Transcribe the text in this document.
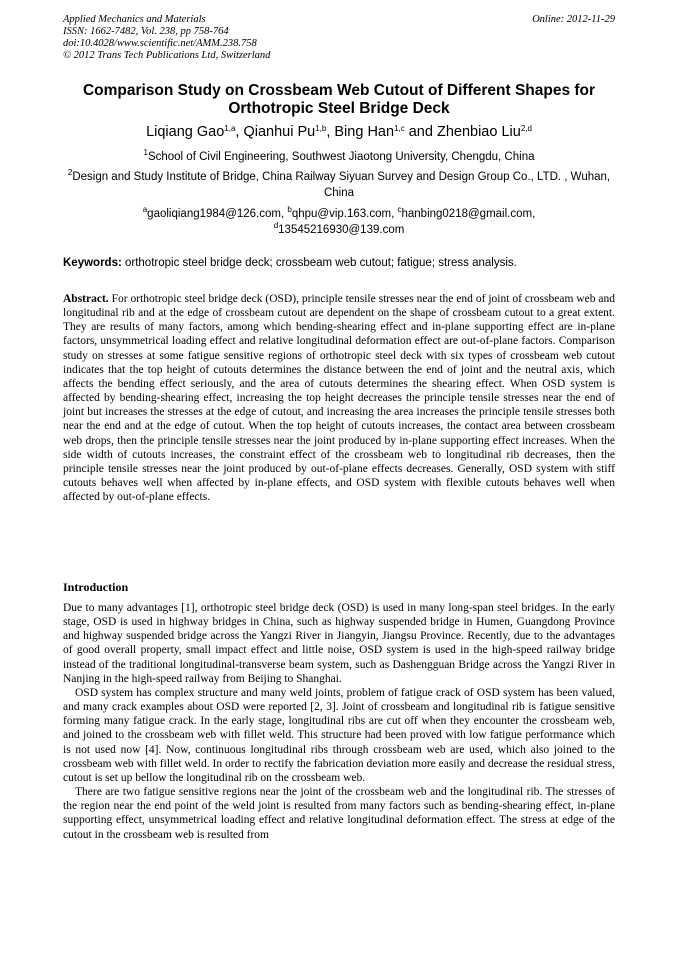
Applied Mechanics and Materials
ISSN: 1662-7482, Vol. 238, pp 758-764
doi:10.4028/www.scientific.net/AMM.238.758
© 2012 Trans Tech Publications Ltd, Switzerland
Online: 2012-11-29
Comparison Study on Crossbeam Web Cutout of Different Shapes for Orthotropic Steel Bridge Deck
Liqiang Gao$^{1,a}$, Qianhui Pu$^{1,b}$, Bing Han$^{1,c}$ and Zhenbiao Liu$^{2,d}$
$^1$School of Civil Engineering, Southwest Jiaotong University, Chengdu, China
$^2$Design and Study Institute of Bridge, China Railway Siyuan Survey and Design Group Co., LTD. , Wuhan, China
$^a$gaoliqiang1984@126.com, $^b$qhpu@vip.163.com, $^c$hanbing0218@gmail.com,
$^d$13545216930@139.com
Keywords: orthotropic steel bridge deck; crossbeam web cutout; fatigue; stress analysis.
Abstract. For orthotropic steel bridge deck (OSD), principle tensile stresses near the end of joint of crossbeam web and longitudinal rib and at the edge of crossbeam cutout are dependent on the shape of crossbeam cutout to a great extent. They are results of many factors, among which bending-shearing effect and in-plane supporting effect are in-plane factors, unsymmetrical loading effect and relative longitudinal deformation effect are out-of-plane factors. Comparison study on stresses at some fatigue sensitive regions of orthotropic steel deck with six types of crossbeam web cutout indicates that the top height of cutouts determines the distance between the end of joint and the neutral axis, which affects the bending effect seriously, and the area of cutouts determines the shearing effect. When OSD system is affected by bending-shearing effect, increasing the top height decreases the principle tensile stresses near the end of joint but increases the stresses at the edge of cutout, and increasing the area increases the principle tensile stresses both near the end and at the edge of cutout. When the top height of cutouts increases, the contact area between crossbeam web drops, then the principle tensile stresses near the joint produced by in-plane supporting effect increases. When the side width of cutouts increases, the constraint effect of the crossbeam web to longitudinal rib decreases, then the principle tensile stresses near the joint produced by out-of-plane effects decreases. Generally, OSD system with stiff cutouts behaves well when affected by in-plane effects, and OSD system with flexible cutouts behaves well when affected by out-of-plane effects.
Introduction

Due to many advantages [1], orthotropic steel bridge deck (OSD) is used in many long-span steel bridges. In the early stage, OSD is used in highway bridges in China, such as highway suspended bridge in Humen, Guangdong Province and highway suspended bridge across the Yangzi River in Jiangyin, Jiangsu Province. Recently, due to the advantages of good overall property, small impact effect and little noise, OSD system is used in the high-speed railway bridge instead of the traditional longitudinal-transverse beam system, such as Dashengguan Bridge across the Yangzi River in Nanjing in the high-speed railway from Beijing to Shanghai.

OSD system has complex structure and many weld joints, problem of fatigue crack of OSD system has been valued, and many crack examples about OSD were reported [2, 3]. Joint of crossbeam and longitudinal rib is fatigue sensitive forming many fatigue crack. In the early stage, longitudinal ribs are cut off when they encounter the crossbeam web, and joined to the crossbeam web with fillet weld. This structure had been proved with low fatigue performance which is not used now [4]. Now, continuous longitudinal ribs through crossbeam web are used, which also joined to the crossbeam web with fillet weld. In order to rectify the fabrication deviation more easily and decrease the residual stress, cutout is set up bellow the longitudinal rib on the crossbeam web.

There are two fatigue sensitive regions near the joint of the crossbeam web and the longitudinal rib. The stresses of the region near the end point of the weld joint is resulted from many factors such as bending-shearing effect, in-plane supporting effect, unsymmetrical loading effect and relative longitudinal deformation effect. The stress at edge of the cutout in the crossbeam web is resulted from
